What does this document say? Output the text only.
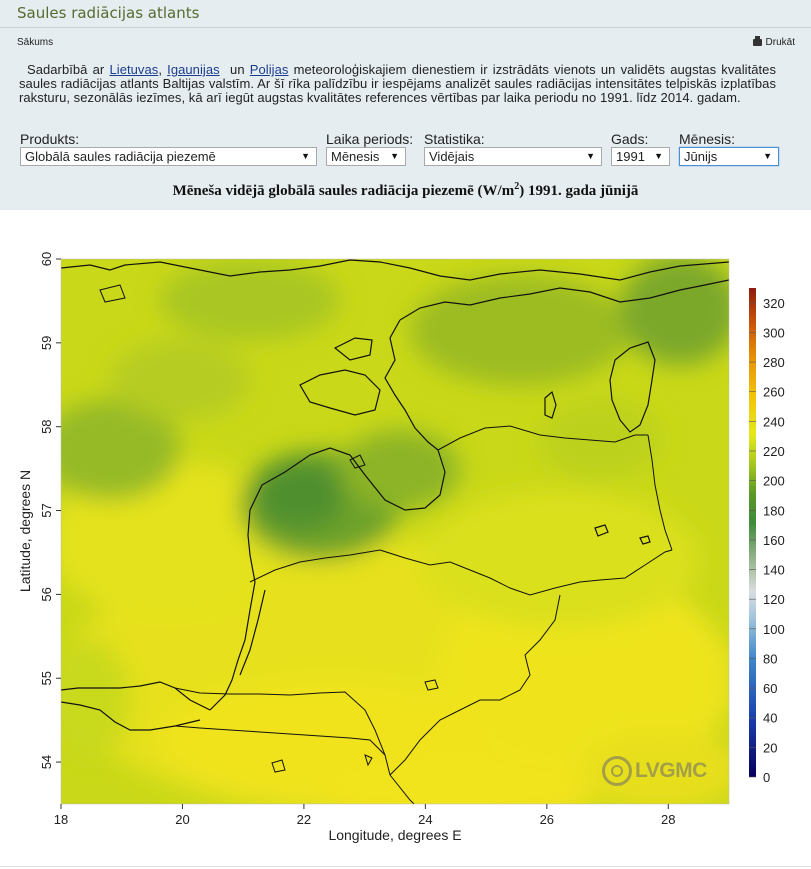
Saules radiācijas atlants
Sākums	Drukāt
Sadarbībā ar Lietuvas, Igaunijas  un Polijas meteoroloģiskajiem dienestiem ir izstrādāts vienots un validēts augstas kvalitātes saules radiācijas atlants Baltijas valstīm. Ar šī rīka palīdzību ir iespējams analizēt saules radiācijas intensitātes telpiskās izplatības raksturu, sezonālās iezīmes, kā arī iegūt augstas kvalitātes references vērtības par laika periodu no 1991. līdz 2014. gadam.
Produkts:
Globālā saules radiācija piezemē	▼
Laika periods:
Mēnesis ▼
Statistika:
Vidējais	▼
Gads:
1991 ▼
Mēnesis:
Jūnijs	▼
Mēneša vidējā globālā saules radiācija piezemē $(W/m^2)$ 1991. gada jūnijā
18	20	22	24	26	28
54
55
56
57
58
59
60
Longitude, degrees E
Latitude, degrees N
0
20
40
60
80
100
120
140
160
180
200
220
240
260
280
300
320
LVGMC
